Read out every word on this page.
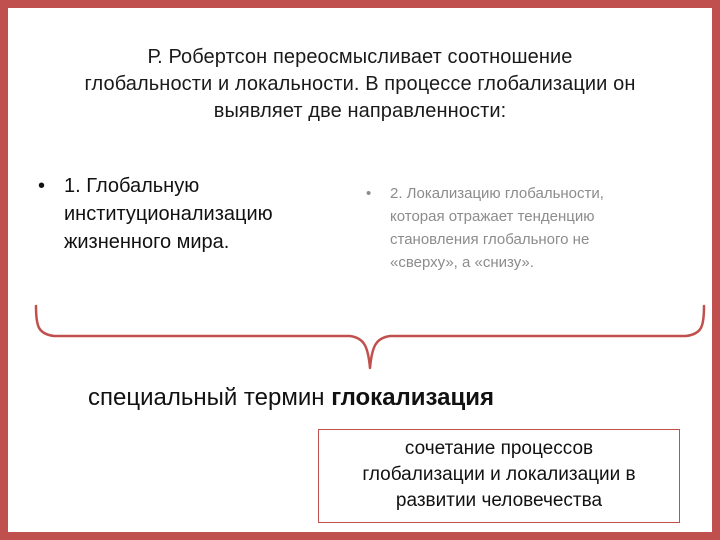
Р. Робертсон переосмысливает соотношение
глобальности и локальности. В процессе глобализации он
выявляет две направленности:
• 1. Глобальную
институционализацию
жизненного мира.
•	2. Локализацию глобальности,
которая отражает тенденцию
становления глобального не
«сверху», а «снизу».
специальный термин глокализация
сочетание процессов
глобализации и локализации в
развитии человечества
